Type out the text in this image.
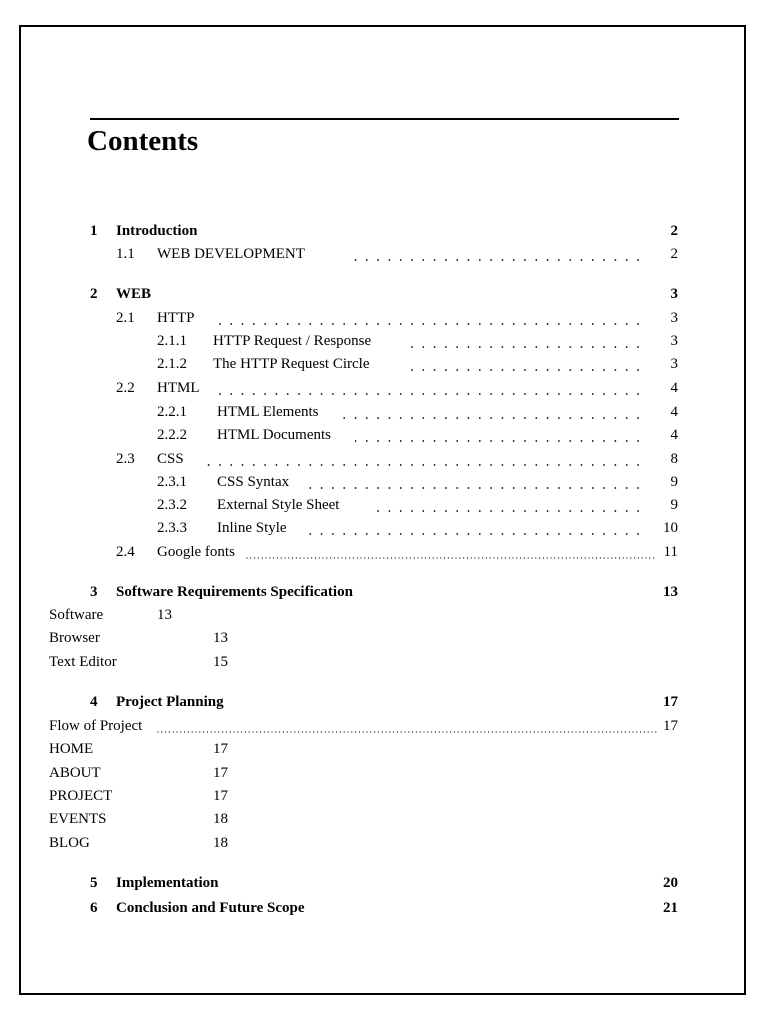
Contents
1 Introduction	2
1.1 WEB DEVELOPMENT	2
2 WEB	3
2.1 HTTP	3
2.1.1 HTTP Request / Response	3
2.1.2 The HTTP Request Circle	3
2.2 HTML	4
2.2.1 HTML Elements	4
2.2.2 HTML Documents	4
2.3 CSS	8
2.3.1 CSS Syntax	9
2.3.2 External Style Sheet	9
2.3.3 Inline Style	10
2.4 Google fonts	11
3 Software Requirements Specification	13
Software	13
Browser	13
Text Editor	15
4 Project Planning	17
Flow of Project	17
HOME	17
ABOUT	17
PROJECT	17
EVENTS	18
BLOG	18
5 Implementation	20
6 Conclusion and Future Scope	21
